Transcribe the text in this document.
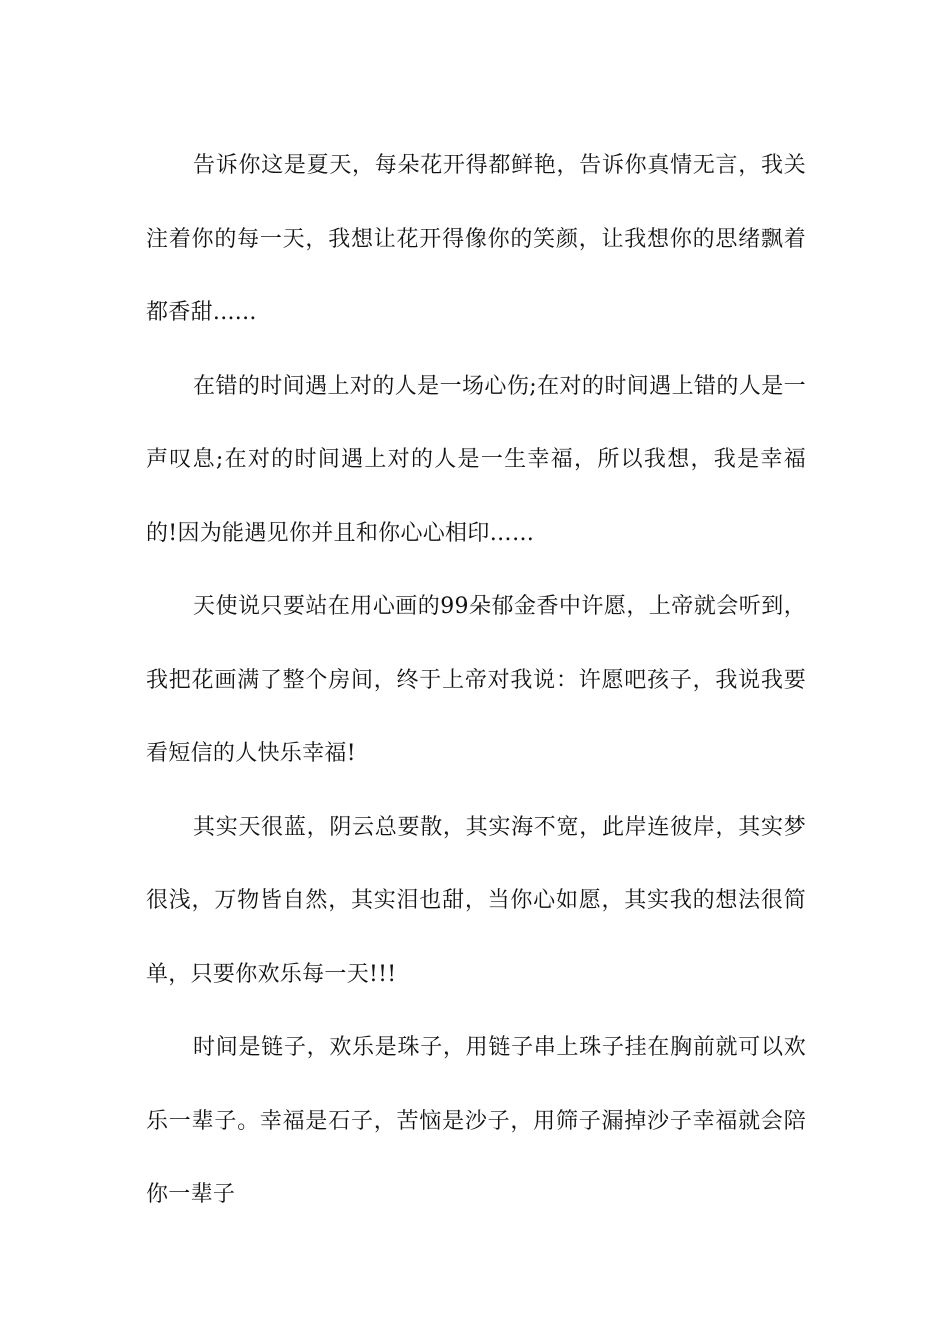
告诉你这是夏天，每朵花开得都鲜艳，告诉你真情无言，我关注着你的每一天，我想让花开得像你的笑颜，让我想你的思绪飘着都香甜......

在错的时间遇上对的人是一场心伤;在对的时间遇上错的人是一声叹息;在对的时间遇上对的人是一生幸福，所以我想，我是幸福的!因为能遇见你并且和你心心相印……

天使说只要站在用心画的99朵郁金香中许愿，上帝就会听到，我把花画满了整个房间，终于上帝对我说：许愿吧孩子，我说我要看短信的人快乐幸福!

其实天很蓝，阴云总要散，其实海不宽，此岸连彼岸，其实梦很浅，万物皆自然，其实泪也甜，当你心如愿，其实我的想法很简单，只要你欢乐每一天!!!

时间是链子，欢乐是珠子，用链子串上珠子挂在胸前就可以欢乐一辈子。幸福是石子，苦恼是沙子，用筛子漏掉沙子幸福就会陪你一辈子
